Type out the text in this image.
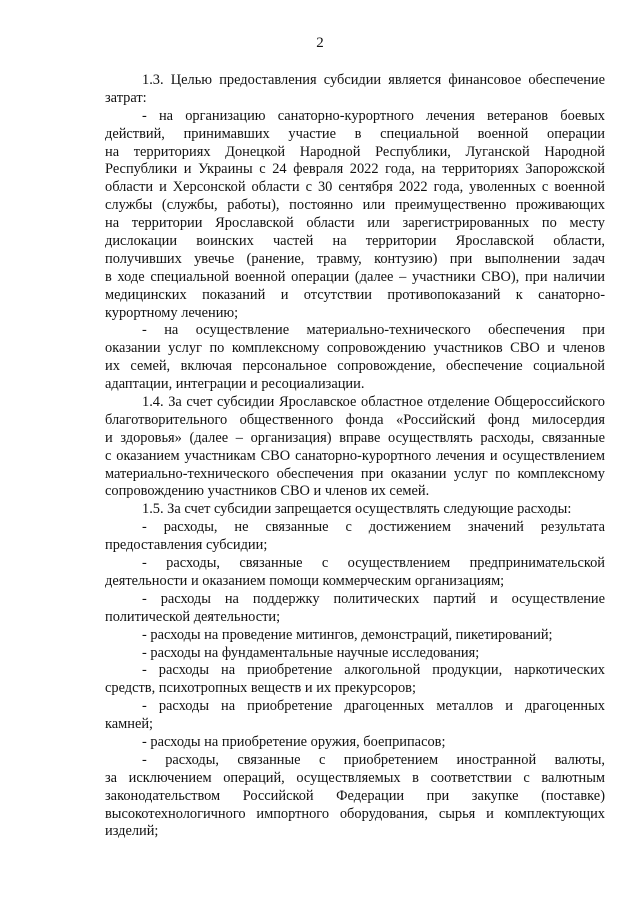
2
1.3. Целью предоставления субсидии является финансовое обеспечение
затрат:
- на организацию санаторно-курортного лечения ветеранов боевых
действий, принимавших участие в специальной военной операции
на территориях Донецкой Народной Республики, Луганской Народной
Республики и Украины с 24 февраля 2022 года, на территориях Запорожской
области и Херсонской области с 30 сентября 2022 года, уволенных с военной
службы (службы, работы), постоянно или преимущественно проживающих
на территории Ярославской области или зарегистрированных по месту
дислокации воинских частей на территории Ярославской области,
получивших увечье (ранение, травму, контузию) при выполнении задач
в ходе специальной военной операции (далее – участники СВО), при наличии
медицинских показаний и отсутствии противопоказаний к санаторно-
курортному лечению;
- на осуществление материально-технического обеспечения при
оказании услуг по комплексному сопровождению участников СВО и членов
их семей, включая персональное сопровождение, обеспечение социальной
адаптации, интеграции и ресоциализации.
1.4. За счет субсидии Ярославское областное отделение Общероссийского
благотворительного общественного фонда «Российский фонд милосердия
и здоровья» (далее – организация) вправе осуществлять расходы, связанные
с оказанием участникам СВО санаторно-курортного лечения и осуществлением
материально-технического обеспечения при оказании услуг по комплексному
сопровождению участников СВО и членов их семей.
1.5. За счет субсидии запрещается осуществлять следующие расходы:
- расходы, не связанные с достижением значений результата
предоставления субсидии;
- расходы, связанные с осуществлением предпринимательской
деятельности и оказанием помощи коммерческим организациям;
- расходы на поддержку политических партий и осуществление
политической деятельности;
- расходы на проведение митингов, демонстраций, пикетирований;
- расходы на фундаментальные научные исследования;
- расходы на приобретение алкогольной продукции, наркотических
средств, психотропных веществ и их прекурсоров;
- расходы на приобретение драгоценных металлов и драгоценных
камней;
- расходы на приобретение оружия, боеприпасов;
- расходы, связанные с приобретением иностранной валюты,
за исключением операций, осуществляемых в соответствии с валютным
законодательством Российской Федерации при закупке (поставке)
высокотехнологичного импортного оборудования, сырья и комплектующих
изделий;
